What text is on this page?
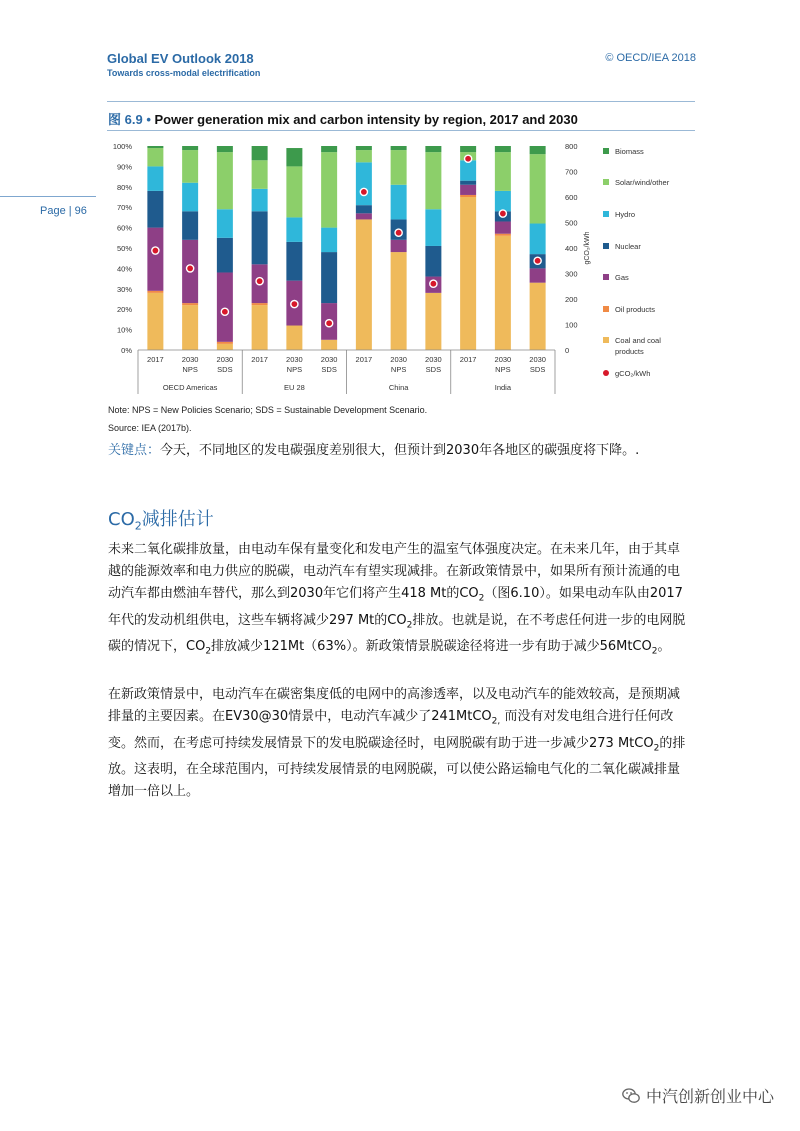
Global EV Outlook 2018
Towards cross-modal electrification
© OECD/IEA 2018
Page | 96
图 6.9 • Power generation mix and carbon intensity by region, 2017 and 2030
0%
10%
20%
30%
40%
50%
60%
70%
80%
90%
100%
0
100
200
300
400
500
600
700
800
gCO₂/kWh
2017 2030
NPS
2030
SDS
2017 2030
NPS
2030
SDS
2017 2030
NPS
2030
SDS
2017 2030
NPS
2030
SDS
OECD Americas	EU 28	China	India
Biomass
Solar/wind/other
Hydro
Nuclear
Gas
Oil products
Coal and coal
products
gCO₂/kWh
Note: NPS = New Policies Scenario; SDS = Sustainable Development Scenario.
Source: IEA (2017b).
关键点：今天，不同地区的发电碳强度差别很大，但预计到2030年各地区的碳强度将下降。.
$CO_2$减排估计
未来二氧化碳排放量，由电动车保有量变化和发电产生的温室气体强度决定。在未来几年，由于其卓越的能源效率和电力供应的脱碳，电动汽车有望实现减排。在新政策情景中，如果所有预计流通的电动汽车都由燃油车替代，那么到2030年它们将产生418 Mt的$CO_2$（图6.10）。如果电动车队由2017年代的发动机组供电，这些车辆将减少297 Mt的$CO_2$排放。也就是说，在不考虑任何进一步的电网脱碳的情况下，$CO_2$排放减少121Mt（63%）。新政策情景脱碳途径将进一步有助于减少56MtCO$_2$。
在新政策情景中，电动汽车在碳密集度低的电网中的高渗透率，以及电动汽车的能效较高，是预期减排量的主要因素。在EV30@30情景中，电动汽车减少了241MtCO$_{2,}$ 而没有对发电组合进行任何改变。然而，在考虑可持续发展情景下的发电脱碳途径时，电网脱碳有助于进一步减少273 MtCO$_2$的排放。这表明，在全球范围内，可持续发展情景的电网脱碳，可以使公路运输电气化的二氧化碳减排量增加一倍以上。
中汽创新创业中心
